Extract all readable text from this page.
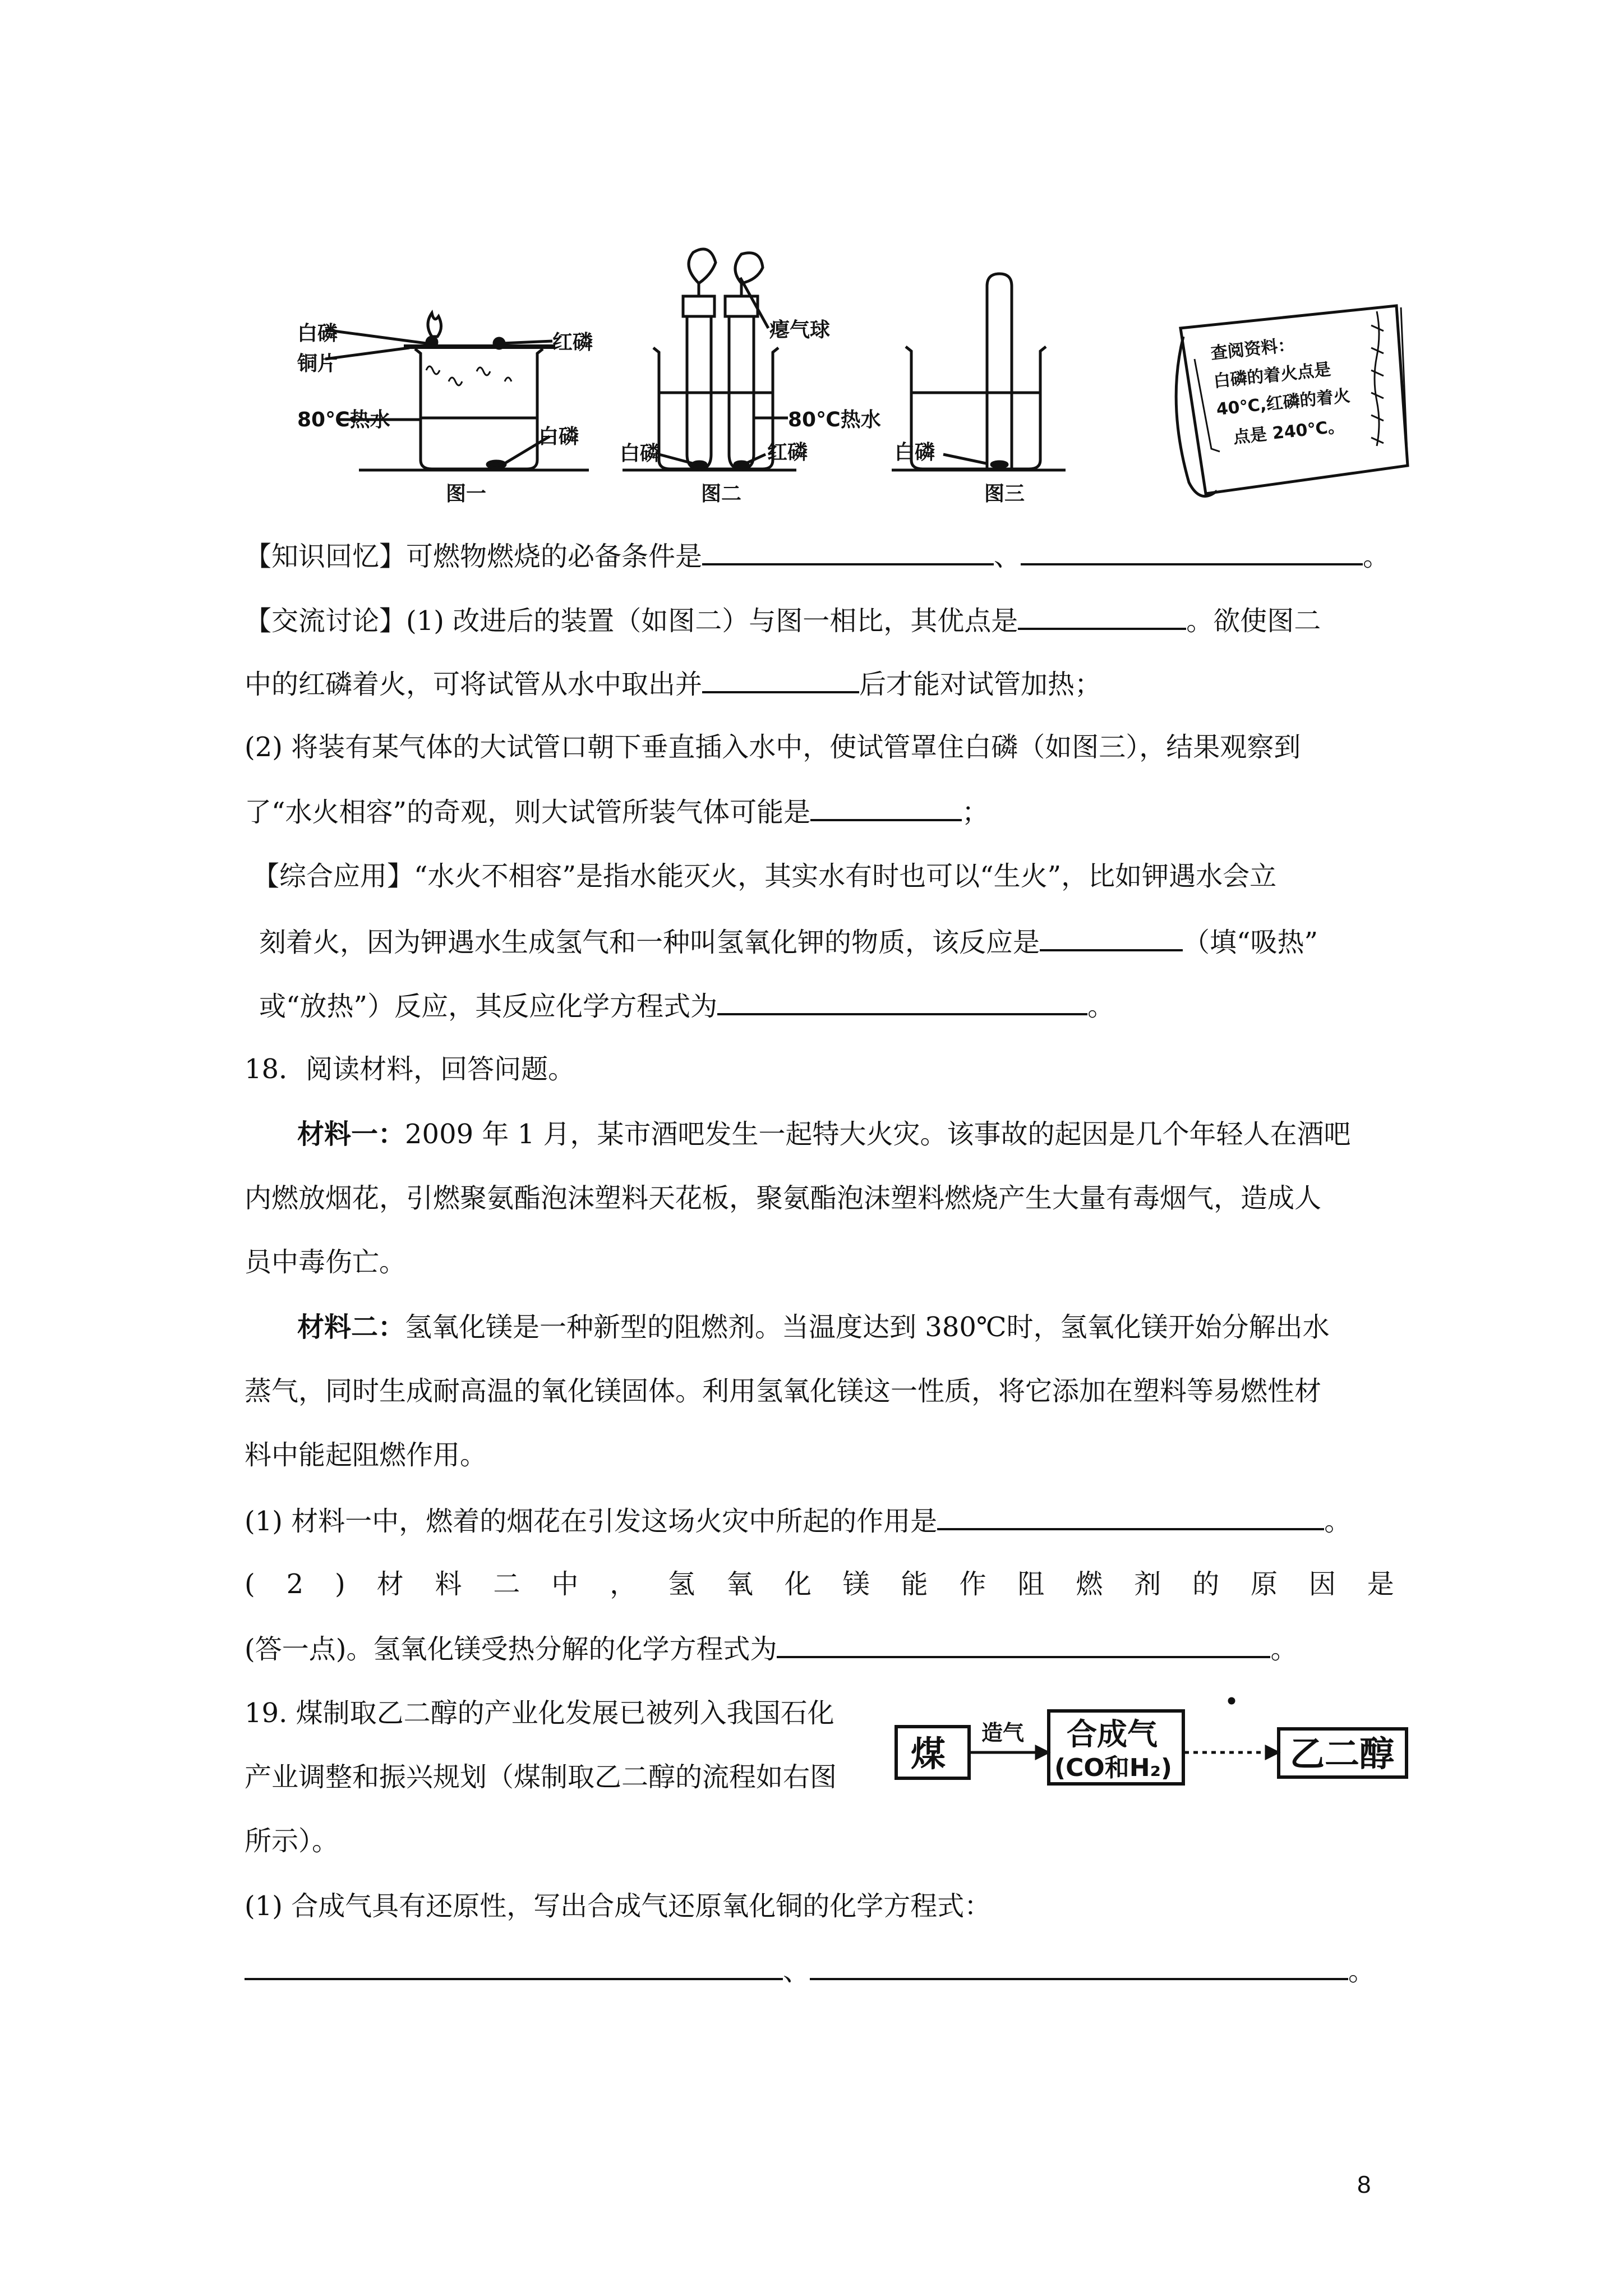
白磷
铜片
红磷
80℃热水
白磷
图一
瘪气球
80℃热水
白磷	红磷
图二
白磷
图三
查阅资料：
白磷的着火点是
40℃,红磷的着火
点是 240℃。
【知识回忆】可燃物燃烧的必备条件是	、	。
【交流讨论】(1) 改进后的装置（如图二）与图一相比，其优点是	。欲使图二
中的红磷着火，可将试管从水中取出并	后才能对试管加热；
(2) 将装有某气体的大试管口朝下垂直插入水中，使试管罩住白磷（如图三），结果观察到
了“水火相容”的奇观，则大试管所装气体可能是	；
【综合应用】“水火不相容”是指水能灭火，其实水有时也可以“生火”，比如钾遇水会立
刻着火，因为钾遇水生成氢气和一种叫氢氧化钾的物质，该反应是	（填“吸热”
或“放热”）反应，其反应化学方程式为	。
18．阅读材料，回答问题。
材料一：2009 年 1 月，某市酒吧发生一起特大火灾。该事故的起因是几个年轻人在酒吧
内燃放烟花，引燃聚氨酯泡沫塑料天花板，聚氨酯泡沫塑料燃烧产生大量有毒烟气，造成人
员中毒伤亡。
材料二：氢氧化镁是一种新型的阻燃剂。当温度达到 380℃时，氢氧化镁开始分解出水
蒸气，同时生成耐高温的氧化镁固体。利用氢氧化镁这一性质，将它添加在塑料等易燃性材
料中能起阻燃作用。
(1) 材料一中，燃着的烟花在引发这场火灾中所起的作用是	。
( 2 ) 材 料 二 中 ， 氢 氧 化 镁 能 作 阻 燃 剂 的 原 因 是
(答一点)。氢氧化镁受热分解的化学方程式为	。
19. 煤制取乙二醇的产业化发展已被列入我国石化
产业调整和振兴规划（煤制取乙二醇的流程如右图
所示）。
煤
造气 合成气
(CO和H₂)	乙二醇
(1) 合成气具有还原性，写出合成气还原氧化铜的化学方程式：
、	。
8
